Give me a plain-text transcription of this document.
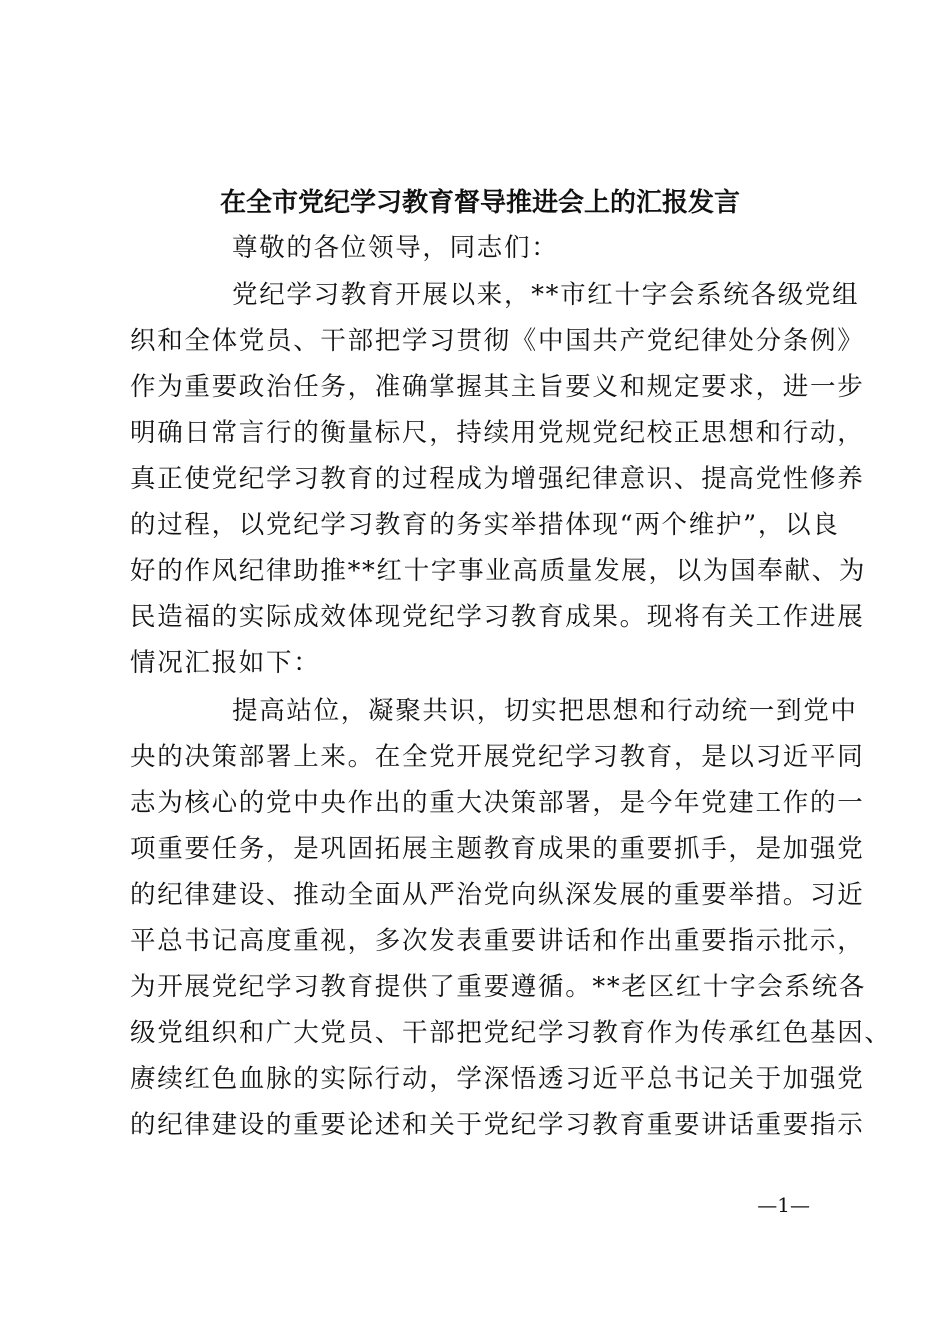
在全市党纪学习教育督导推进会上的汇报发言
尊敬的各位领导，同志们：
党纪学习教育开展以来，**市红十字会系统各级党组
织和全体党员、干部把学习贯彻《中国共产党纪律处分条例》
作为重要政治任务，准确掌握其主旨要义和规定要求，进一步
明确日常言行的衡量标尺，持续用党规党纪校正思想和行动，
真正使党纪学习教育的过程成为增强纪律意识、提高党性修养
的过程，以党纪学习教育的务实举措体现“两个维护”，以良
好的作风纪律助推**红十字事业高质量发展，以为国奉献、为
民造福的实际成效体现党纪学习教育成果。现将有关工作进展
情况汇报如下：
提高站位，凝聚共识，切实把思想和行动统一到党中
央的决策部署上来。在全党开展党纪学习教育，是以习近平同
志为核心的党中央作出的重大决策部署，是今年党建工作的一
项重要任务，是巩固拓展主题教育成果的重要抓手，是加强党
的纪律建设、推动全面从严治党向纵深发展的重要举措。习近
平总书记高度重视，多次发表重要讲话和作出重要指示批示，
为开展党纪学习教育提供了重要遵循。**老区红十字会系统各
级党组织和广大党员、干部把党纪学习教育作为传承红色基因、
赓续红色血脉的实际行动，学深悟透习近平总书记关于加强党
的纪律建设的重要论述和关于党纪学习教育重要讲话重要指示
—1—
